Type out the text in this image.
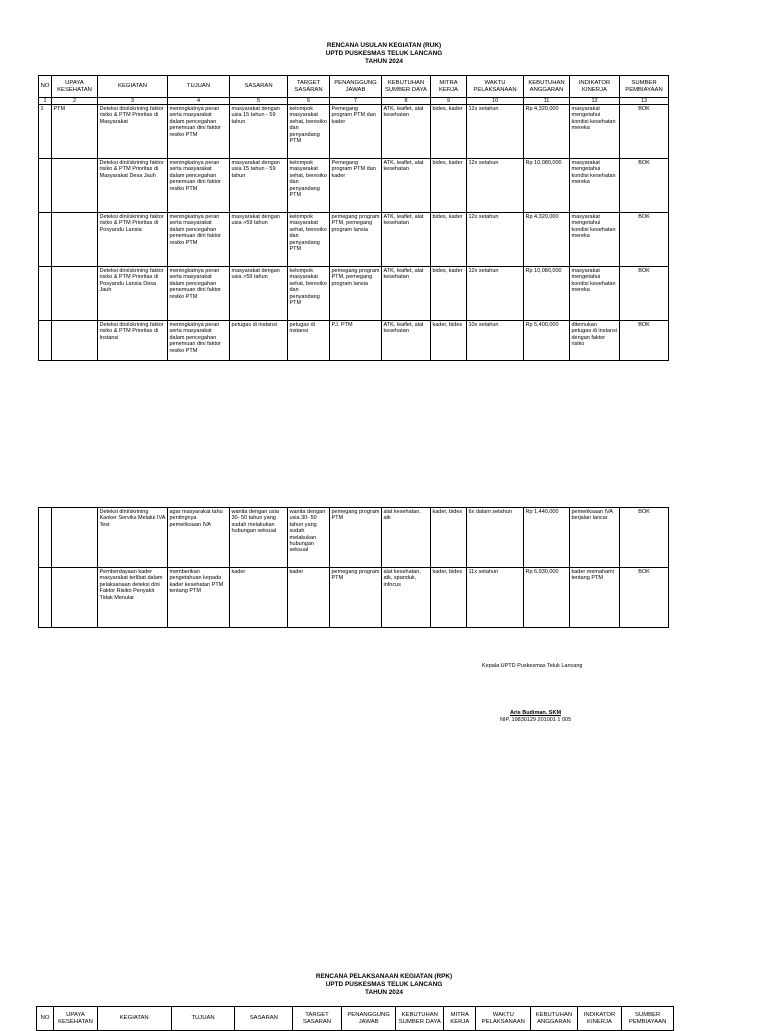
RENCANA USULAN KEGIATAN (RUK)
UPTD PUSKESMAS TELUK LANCANG
TAHUN 2024
NO	UPAYA KESEHATAN	KEGIATAN	TUJUAN	SASARAN	TARGET SASARAN	PENANGGUNG JAWAB	KEBUTUHAN SUMBER DAYA	MITRA KERJA	WAKTU PELAKSANAAN	KEBUTUHAN ANGGARAN	INDIKATOR KINERJA	SUMBER PEMBIAYAAN
1	2	3	4	5	6	7	8	9	10	11	12	13
1	PTM	Deteksi dini/skrining faktor risiko & PTM Prioritas di Masyarakat	meningkatnya peran serta masyarakat dalam pencegahan penemuan dini faktor resiko PTM	masyarakat dengan usia 15 tahun - 59 tahun	kelompok masyarakat sehat, beresiko dan penyandang PTM	Pemegang program PTM dan kader	ATK, leaflet, alat kesehatan	bides, kader	12x setahun	Rp 4,320,000	masyarakat mengetahui kondisi kesehatan mereka	BOK
		Deteksi dini/skrining faktor risiko & PTM Prioritas di Masyarakat Desa Jauh	meningkatnya peran serta masyarakat dalam pencegahan penemuan dini faktor resiko PTM	masyarakat dengan usia 15 tahun - 59 tahun	kelompok masyarakat sehat, beresiko dan penyandang PTM	Pemegang program PTM dan kader	ATK, leaflet, alat kesehatan	bides, kader	12x setahun	Rp 10,080,000	masyarakat mengetahui kondisi kesehatan mereka	BOK
		Deteksi dini/skrining faktor risiko & PTM Prioritas di Posyandu Lansia	meningkatnya peran serta masyarakat dalam pencegahan penemuan dini faktor resiko PTM	masyarakat dengan usia >59 tahun	kelompok masyarakat sehat, beresiko dan penyandang PTM	pemegang program PTM, pemegang program lansia	ATK, leaflet, alat kesehatan	bides, kader	12x setahun	Rp 4,320,000	masyarakat mengetahui kondisi kesehatan mereka	BOK
		Deteksi dini/skrining faktor risiko & PTM Prioritas di Posyandu Lansia Desa Jauh	meningkatnya peran serta masyarakat dalam pencegahan penemuan dini faktor resiko PTM	masyarakat dengan usia >59 tahun	kelompok masyarakat sehat, beresiko dan penyandang PTM	pemegang program PTM, pemegang program lansia	ATK, leaflet, alat kesehatan	bides, kader	12x setahun	Rp 10,080,000	masyarakat mengetahui kondisi kesehatan mereka	BOK
		Deteksi dini/skrining faktor risiko & PTM Prioritas di Instansi	meningkatnya peran serta masyarakat dalam pencegahan penemuan dini faktor resiko PTM	petugas di instansi	petugas di instansi	PJ. PTM	ATK, leaflet, alat kesehatan	kader, bides	10x setahun	Rp 5,400,000	ditemukan petugas di instansi dengan faktor risiko	BOK
		Deteksi dini/skrining Kanker Serviks Melalui IVA Test	agar masyarakat tahu pentingnya pemeriksaan IVA	wanita dengan usia 30- 50 tahun yang sudah melakukan hubungan seksual	wanita dengan usia 30- 50 tahun yang sudah melakukan hubungan seksual	pemegang program PTM	alat kesehatan, atk	kader, bides	6x dalam setahun	Rp 1,440,000	pemeriksaan IVA berjalan lancar	BOK
		Pemberdayaan kader masyarakat terlibat dalam pelaksanaan deteksi dini Faktor Risiko Penyakit Tidak Menular	memberikan pengetahuan kepada kader kesehatan PTM tentang PTM	kader	kader	pemegang program PTM	alat kesehatan, atk, spanduk, infocus	kader, bides	11x setahun	Rp 6,930,000	kader memahami tentang PTM	BOK
Kepala UPTD Puskesmas Teluk Lancang
Aris Budiman, SKM
NIP. 19830129 201001 1 005
RENCANA PELAKSANAAN KEGIATAN (RPK)
UPTD PUSKESMAS TELUK LANCANG
TAHUN 2024
NO	UPAYA KESEHATAN	KEGIATAN	TUJUAN	SASARAN	TARGET SASARAN	PENANGGUNG JAWAB	KEBUTUHAN SUMBER DAYA	MITRA KERJA	WAKTU PELAKSANAAN	KEBUTUHAN ANGGARAN	INDIKATOR KINERJA	SUMBER PEMBIAYAAN
